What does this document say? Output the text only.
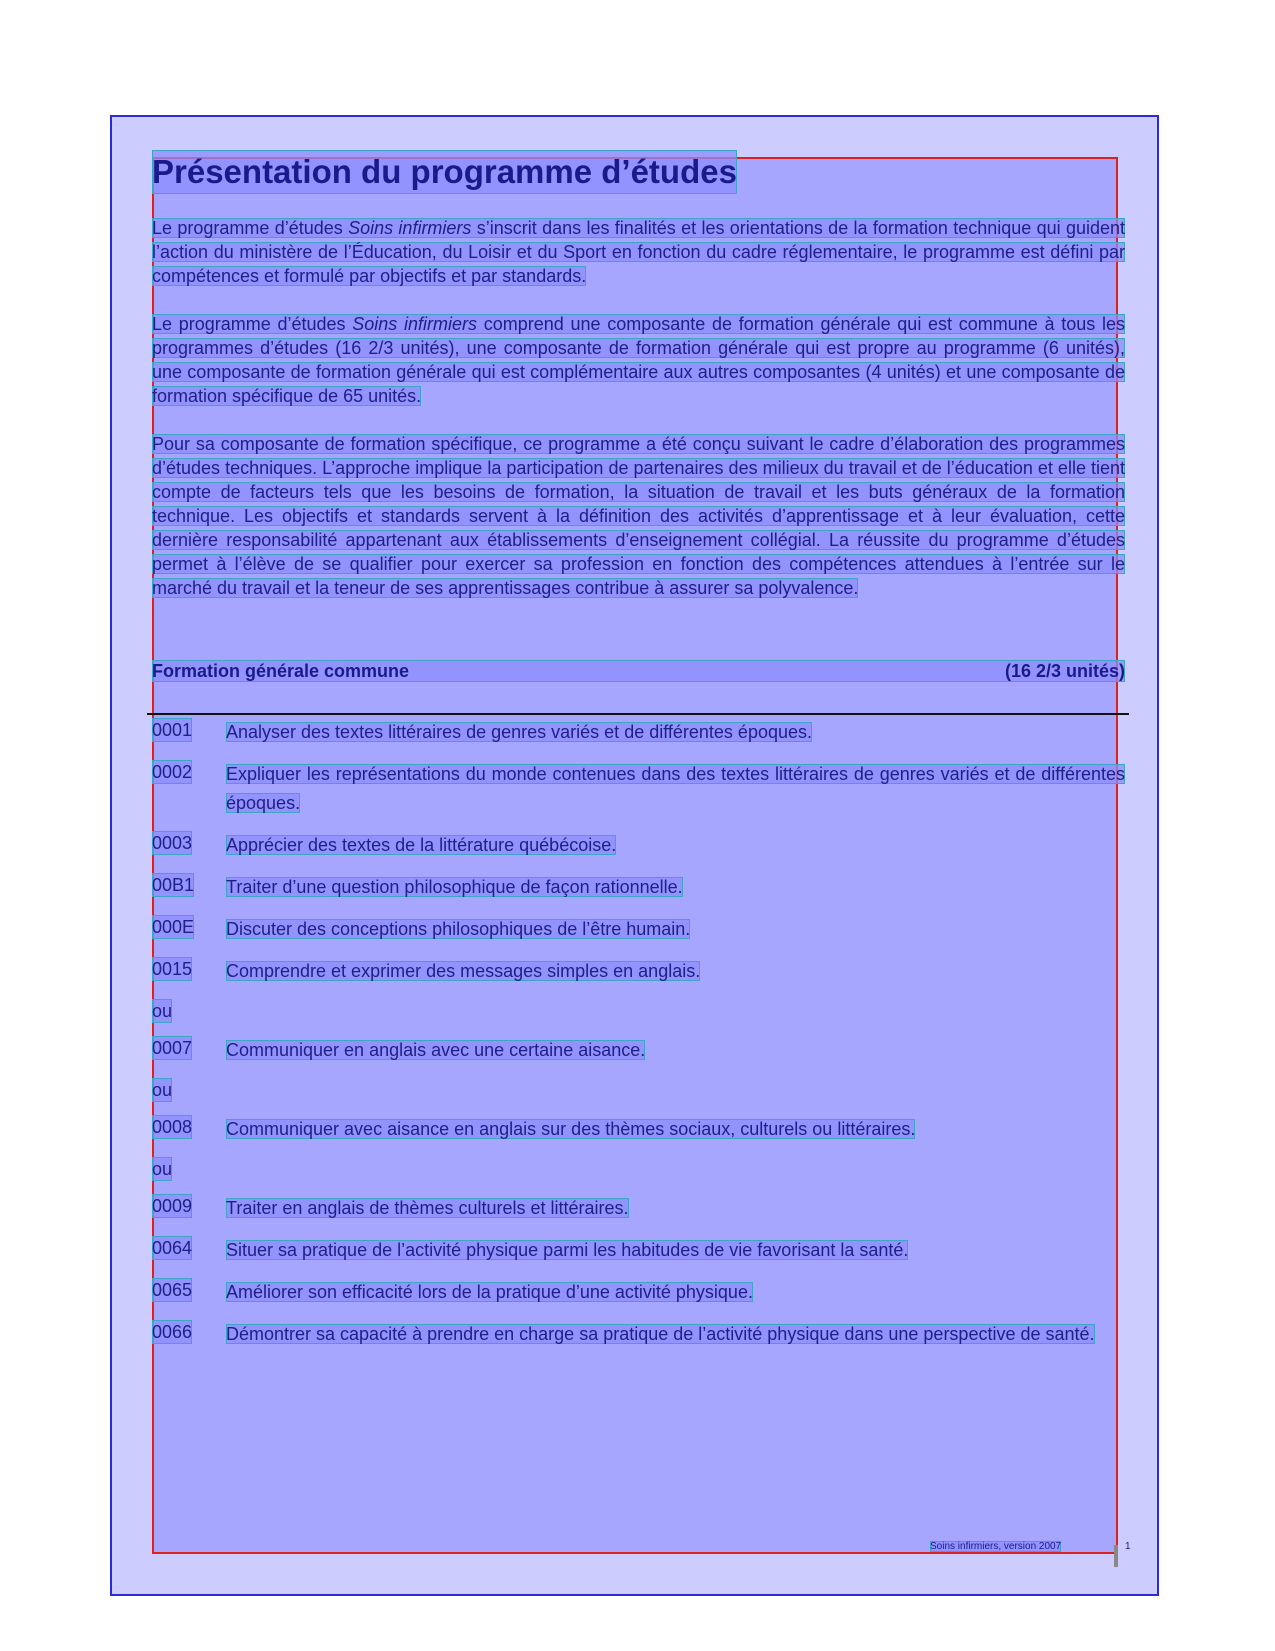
Présentation du programme d’études

Le programme d’études Soins infirmiers s’inscrit dans les finalités et les orientations de la formation technique qui guident l’action du ministère de l’Éducation, du Loisir et du Sport en fonction du cadre réglementaire, le programme est défini par compétences et formulé par objectifs et par standards.

Le programme d’études Soins infirmiers comprend une composante de formation générale qui est commune à tous les programmes d’études (16 2/3 unités), une composante de formation générale qui est propre au programme (6 unités), une composante de formation générale qui est complémentaire aux autres composantes (4 unités) et une composante de formation spécifique de 65 unités.

Pour sa composante de formation spécifique, ce programme a été conçu suivant le cadre d’élaboration des programmes d’études techniques. L’approche implique la participation de partenaires des milieux du travail et de l’éducation et elle tient compte de facteurs tels que les besoins de formation, la situation de travail et les buts généraux de la formation technique. Les objectifs et standards servent à la définition des activités d’apprentissage et à leur évaluation, cette dernière responsabilité appartenant aux établissements d’enseignement collégial. La réussite du programme d’études permet à l’élève de se qualifier pour exercer sa profession en fonction des compétences attendues à l’entrée sur le marché du travail et la teneur de ses apprentissages contribue à assurer sa polyvalence.

Formation générale commune	(16 2/3 unités)
0001	Analyser des textes littéraires de genres variés et de différentes époques.
0002	Expliquer les représentations du monde contenues dans des textes littéraires de genres variés et de différentes époques.
0003	Apprécier des textes de la littérature québécoise.
00B1	Traiter d’une question philosophique de façon rationnelle.
000E	Discuter des conceptions philosophiques de l’être humain.
0015	Comprendre et exprimer des messages simples en anglais.
ou
0007	Communiquer en anglais avec une certaine aisance.
ou
0008	Communiquer avec aisance en anglais sur des thèmes sociaux, culturels ou littéraires.
ou
0009	Traiter en anglais de thèmes culturels et littéraires.
0064	Situer sa pratique de l’activité physique parmi les habitudes de vie favorisant la santé.
0065	Améliorer son efficacité lors de la pratique d’une activité physique.
0066	Démontrer sa capacité à prendre en charge sa pratique de l’activité physique dans une perspective de santé.
Soins infirmiers, version 2007	1
